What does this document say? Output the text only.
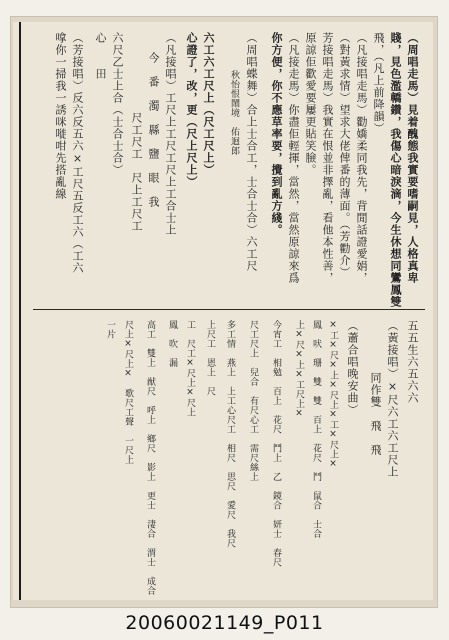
（周唱走馬）見着醜態我實要嗜嗣見，人格真卑
賤，見色濫轎鑽，我傷心暗淚滴，今生休想同鸞鳳雙
飛，（凡上前降韻）
（凡接唱走馬）勸嬌柔同我先，背閒話證愛娟，
（對黃求情）望求大佬俾番的薄面。（芳勸介）
芳接唱走馬）我實在恨並非擇亂，看他本性善，
原諒佢歡愛要屢更貼笑臉。
（凡接走馬）你盡佢輕揮，當然，當然原諒來爲
你方便，你不應草率要，攪到亂方綫。
（周唱蝶舞）合上士合工，士合士合）六工尺
秋怡恨鬧境　佑迴郎
六工六工尺上（尺工尺上）
心證了，改，更（尺上尺上）
（凡接唱）工尺上工尺工尺上工合士上
今　番　濁　縣　鹽　眼　我
尺工尺工　尺上工尺工
六尺乙士上合（士合士合）
心　　田
（芳接唱）反六反五六×工尺五反工六（工六
嗱你一掃我一誘咪嘥咁先搭亂線
五五生六五六六
（黃接唱）×尺六工六工尺上
同作雙　飛　飛
（蕭合唱晚安曲）
×工×尺×上×尺上×工×尺上×
鳳　吠　珊　雙　雙　百上　花尺　鬥　鼠合　士合
上×尺×上×工尺上×
今宵工　相勉　百上　花尺　鬥上　乙　鏡合　妍士　春尺
尺工尺上　兒合　有尺心工　需尺絲上
多工情　燕上　上工心尺工　相尺　思尺　愛尺　我尺
上尺工　恩上　尺
工　尺工×尺上×尺上
鳳　吹　漏
高工　雙上　猷尺　呼上　鄉尺　影上　更士　淒合　渭士　成合
尺上×尺上×　歌尺工聲　一尺上
一片
20060021149_P011
